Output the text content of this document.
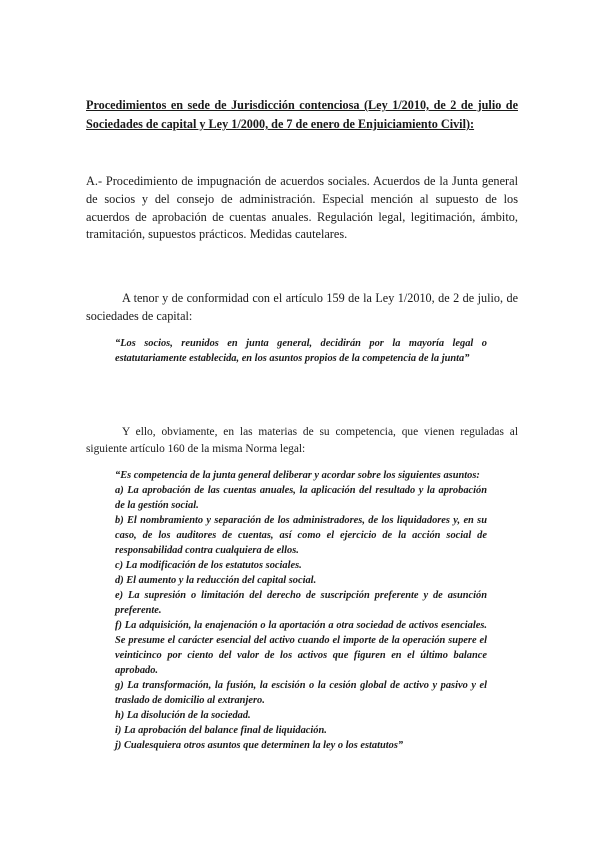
Procedimientos en sede de Jurisdicción contenciosa (Ley 1/2010, de 2 de julio de Sociedades de capital y Ley 1/2000, de 7 de enero de Enjuiciamiento Civil):
A.- Procedimiento de impugnación de acuerdos sociales. Acuerdos de la Junta general de socios y del consejo de administración. Especial mención al supuesto de los acuerdos de aprobación de cuentas anuales. Regulación legal, legitimación, ámbito, tramitación, supuestos prácticos. Medidas cautelares.
A tenor y de conformidad con el artículo 159 de la Ley 1/2010, de 2 de julio, de sociedades de capital:
“Los socios, reunidos en junta general, decidirán por la mayoría legal o estatutariamente establecida, en los asuntos propios de la competencia de la junta”
Y ello, obviamente, en las materias de su competencia, que vienen reguladas al siguiente artículo 160 de la misma Norma legal:
“Es competencia de la junta general deliberar y acordar sobre los siguientes asuntos:
a) La aprobación de las cuentas anuales, la aplicación del resultado y la aprobación de la gestión social.
b) El nombramiento y separación de los administradores, de los liquidadores y, en su caso, de los auditores de cuentas, así como el ejercicio de la acción social de responsabilidad contra cualquiera de ellos.
c) La modificación de los estatutos sociales.
d) El aumento y la reducción del capital social.
e) La supresión o limitación del derecho de suscripción preferente y de asunción preferente.
f) La adquisición, la enajenación o la aportación a otra sociedad de activos esenciales. Se presume el carácter esencial del activo cuando el importe de la operación supere el veinticinco por ciento del valor de los activos que figuren en el último balance aprobado.
g) La transformación, la fusión, la escisión o la cesión global de activo y pasivo y el traslado de domicilio al extranjero.
h) La disolución de la sociedad.
i) La aprobación del balance final de liquidación.
j) Cualesquiera otros asuntos que determinen la ley o los estatutos”
